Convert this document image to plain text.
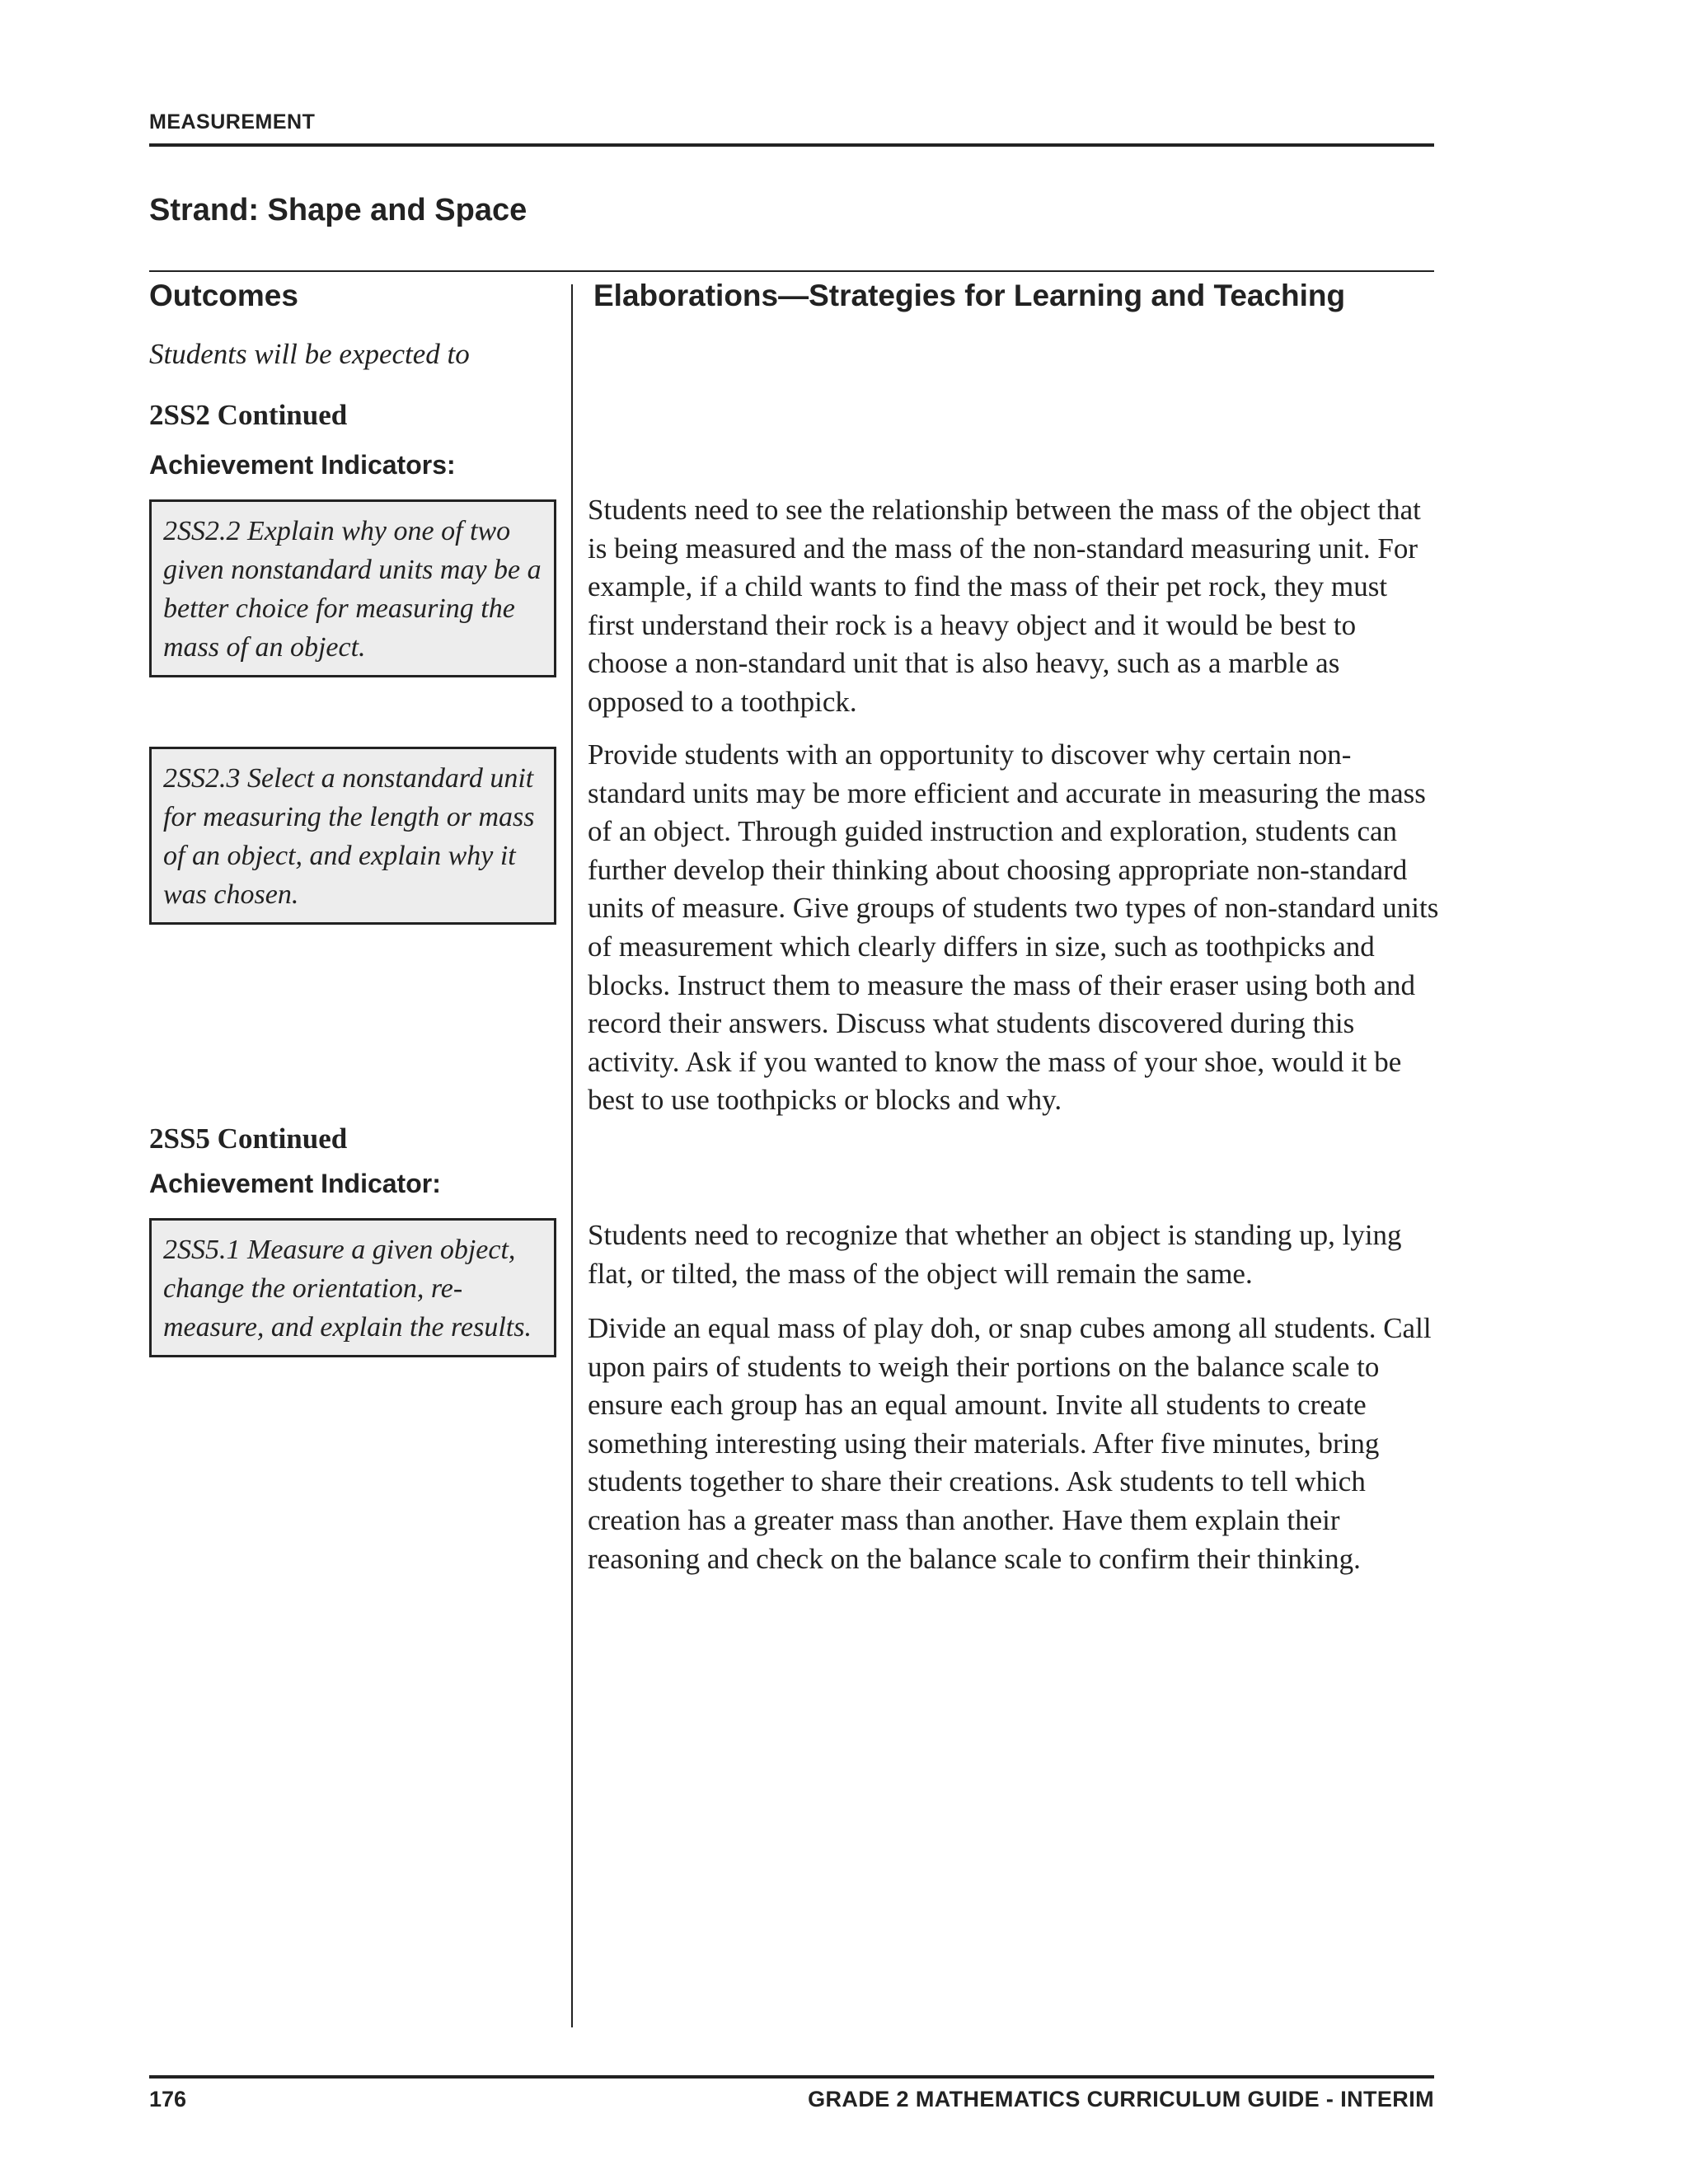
MEASUREMENT
Strand: Shape and Space
Outcomes	Elaborations—Strategies for Learning and Teaching
Students will be expected to
2SS2 Continued
Achievement Indicators:
2SS2.2 Explain why one of two given nonstandard units may be a better choice for measuring the mass of an object.
2SS2.3 Select a nonstandard unit for measuring the length or mass of an object, and explain why it was chosen.
2SS5 Continued
Achievement Indicator:
2SS5.1 Measure a given object, change the orientation, re-measure, and explain the results.

Students need to see the relationship between the mass of the object that is being measured and the mass of the non-standard measuring unit. For example, if a child wants to find the mass of their pet rock, they must first understand their rock is a heavy object and it would be best to choose a non-standard unit that is also heavy, such as a marble as opposed to a toothpick.

Provide students with an opportunity to discover why certain non-standard units may be more efficient and accurate in measuring the mass of an object. Through guided instruction and exploration, students can further develop their thinking about choosing appropriate non-standard units of measure. Give groups of students two types of non-standard units of measurement which clearly differs in size, such as toothpicks and blocks. Instruct them to measure the mass of their eraser using both and record their answers. Discuss what students discovered during this activity. Ask if you wanted to know the mass of your shoe, would it be best to use toothpicks or blocks and why.

Students need to recognize that whether an object is standing up, lying flat, or tilted, the mass of the object will remain the same.

Divide an equal mass of play doh, or snap cubes among all students. Call upon pairs of students to weigh their portions on the balance scale to ensure each group has an equal amount. Invite all students to create something interesting using their materials. After five minutes, bring students together to share their creations. Ask students to tell which creation has a greater mass than another. Have them explain their reasoning and check on the balance scale to confirm their thinking.

176	GRADE 2 MATHEMATICS CURRICULUM GUIDE - INTERIM
